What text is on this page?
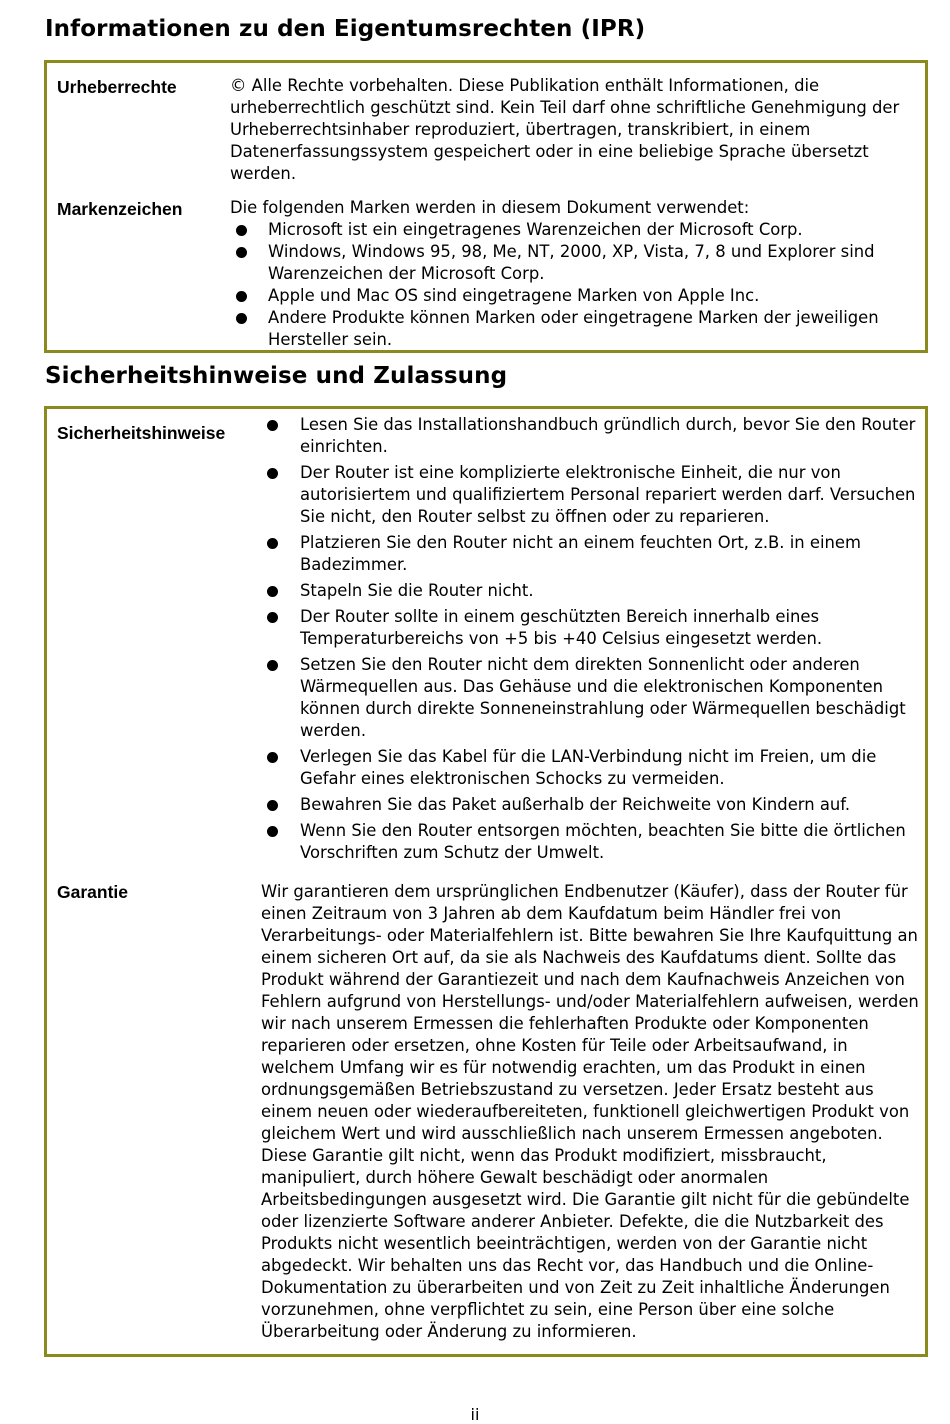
Informationen zu den Eigentumsrechten (IPR)
Urheberrechte	© Alle Rechte vorbehalten. Diese Publikation enthält Informationen, die urheberrechtlich geschützt sind. Kein Teil darf ohne schriftliche Genehmigung der Urheberrechtsinhaber reproduziert, übertragen, transkribiert, in einem Datenerfassungssystem gespeichert oder in eine beliebige Sprache übersetzt werden.

Markenzeichen	Die folgenden Marken werden in diesem Dokument verwendet:

Microsoft ist ein eingetragenes Warenzeichen der Microsoft Corp.
Windows, Windows 95, 98, Me, NT, 2000, XP, Vista, 7, 8 und Explorer sind Warenzeichen der Microsoft Corp.
Apple und Mac OS sind eingetragene Marken von Apple Inc.
Andere Produkte können Marken oder eingetragene Marken der jeweiligen Hersteller sein.
Sicherheitshinweise und Zulassung
Sicherheitshinweise	Lesen Sie das Installationshandbuch gründlich durch, bevor Sie den Router einrichten.
Der Router ist eine komplizierte elektronische Einheit, die nur von autorisiertem und qualifiziertem Personal repariert werden darf. Versuchen Sie nicht, den Router selbst zu öffnen oder zu reparieren.
Platzieren Sie den Router nicht an einem feuchten Ort, z.B. in einem Badezimmer.
Stapeln Sie die Router nicht.
Der Router sollte in einem geschützten Bereich innerhalb eines Temperaturbereichs von +5 bis +40 Celsius eingesetzt werden.
Setzen Sie den Router nicht dem direkten Sonnenlicht oder anderen Wärmequellen aus. Das Gehäuse und die elektronischen Komponenten können durch direkte Sonneneinstrahlung oder Wärmequellen beschädigt werden.
Verlegen Sie das Kabel für die LAN-Verbindung nicht im Freien, um die Gefahr eines elektronischen Schocks zu vermeiden.
Bewahren Sie das Paket außerhalb der Reichweite von Kindern auf.
Wenn Sie den Router entsorgen möchten, beachten Sie bitte die örtlichen Vorschriften zum Schutz der Umwelt.
Garantie	Wir garantieren dem ursprünglichen Endbenutzer (Käufer), dass der Router für einen Zeitraum von 3 Jahren ab dem Kaufdatum beim Händler frei von Verarbeitungs- oder Materialfehlern ist. Bitte bewahren Sie Ihre Kaufquittung an einem sicheren Ort auf, da sie als Nachweis des Kaufdatums dient. Sollte das Produkt während der Garantiezeit und nach dem Kaufnachweis Anzeichen von Fehlern aufgrund von Herstellungs- und/oder Materialfehlern aufweisen, werden wir nach unserem Ermessen die fehlerhaften Produkte oder Komponenten reparieren oder ersetzen, ohne Kosten für Teile oder Arbeitsaufwand, in welchem Umfang wir es für notwendig erachten, um das Produkt in einen ordnungsgemäßen Betriebszustand zu versetzen. Jeder Ersatz besteht aus einem neuen oder wiederaufbereiteten, funktionell gleichwertigen Produkt von gleichem Wert und wird ausschließlich nach unserem Ermessen angeboten. Diese Garantie gilt nicht, wenn das Produkt modifiziert, missbraucht, manipuliert, durch höhere Gewalt beschädigt oder anormalen Arbeitsbedingungen ausgesetzt wird. Die Garantie gilt nicht für die gebündelte oder lizenzierte Software anderer Anbieter. Defekte, die die Nutzbarkeit des Produkts nicht wesentlich beeinträchtigen, werden von der Garantie nicht abgedeckt. Wir behalten uns das Recht vor, das Handbuch und die Online-Dokumentation zu überarbeiten und von Zeit zu Zeit inhaltliche Änderungen vorzunehmen, ohne verpflichtet zu sein, eine Person über eine solche Überarbeitung oder Änderung zu informieren.

ii
